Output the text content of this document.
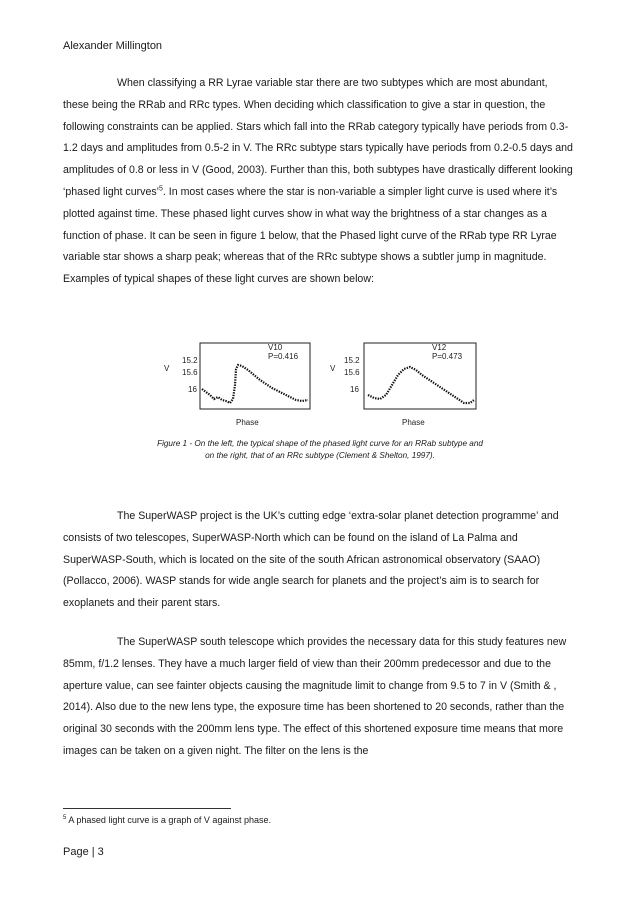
Alexander Millington

When classifying a RR Lyrae variable star there are two subtypes which are most abundant, these being the RRab and RRc types. When deciding which classification to give a star in question, the following constraints can be applied. Stars which fall into the RRab category typically have periods from 0.3-1.2 days and amplitudes from 0.5-2 in V. The RRc subtype stars typically have periods from 0.2-0.5 days and amplitudes of 0.8 or less in V (Good, 2003). Further than this, both subtypes have drastically different looking ‘phased light curves’$^5$. In most cases where the star is non-variable a simpler light curve is used where it’s plotted against time. These phased light curves show in what way the brightness of a star changes as a function of phase. It can be seen in figure 1 below, that the Phased light curve of the RRab type RR Lyrae variable star shows a sharp peak; whereas that of the RRc subtype shows a subtler jump in magnitude. Examples of typical shapes of these light curves are shown below:

15.2
15.6
16
V
V10
P=0.416
Phase
15.2
15.6
16
V
V12
P=0.473
Phase
Figure 1 - On the left, the typical shape of the phased light curve for an RRab subtype and
on the right, that of an RRc subtype (Clement & Shelton, 1997).

The SuperWASP project is the UK’s cutting edge ‘extra-solar planet detection programme’ and consists of two telescopes, SuperWASP-North which can be found on the island of La Palma and SuperWASP-South, which is located on the site of the south African astronomical observatory (SAAO) (Pollacco, 2006). WASP stands for wide angle search for planets and the project’s aim is to search for exoplanets and their parent stars.

The SuperWASP south telescope which provides the necessary data for this study features new 85mm, f/1.2 lenses. They have a much larger field of view than their 200mm predecessor and due to the aperture value, can see fainter objects causing the magnitude limit to change from 9.5 to 7 in V (Smith & , 2014). Also due to the new lens type, the exposure time has been shortened to 20 seconds, rather than the original 30 seconds with the 200mm lens type. The effect of this shortened exposure time means that more images can be taken on a given night. The filter on the lens is the

$^5$ A phased light curve is a graph of V against phase.
Page | 3
